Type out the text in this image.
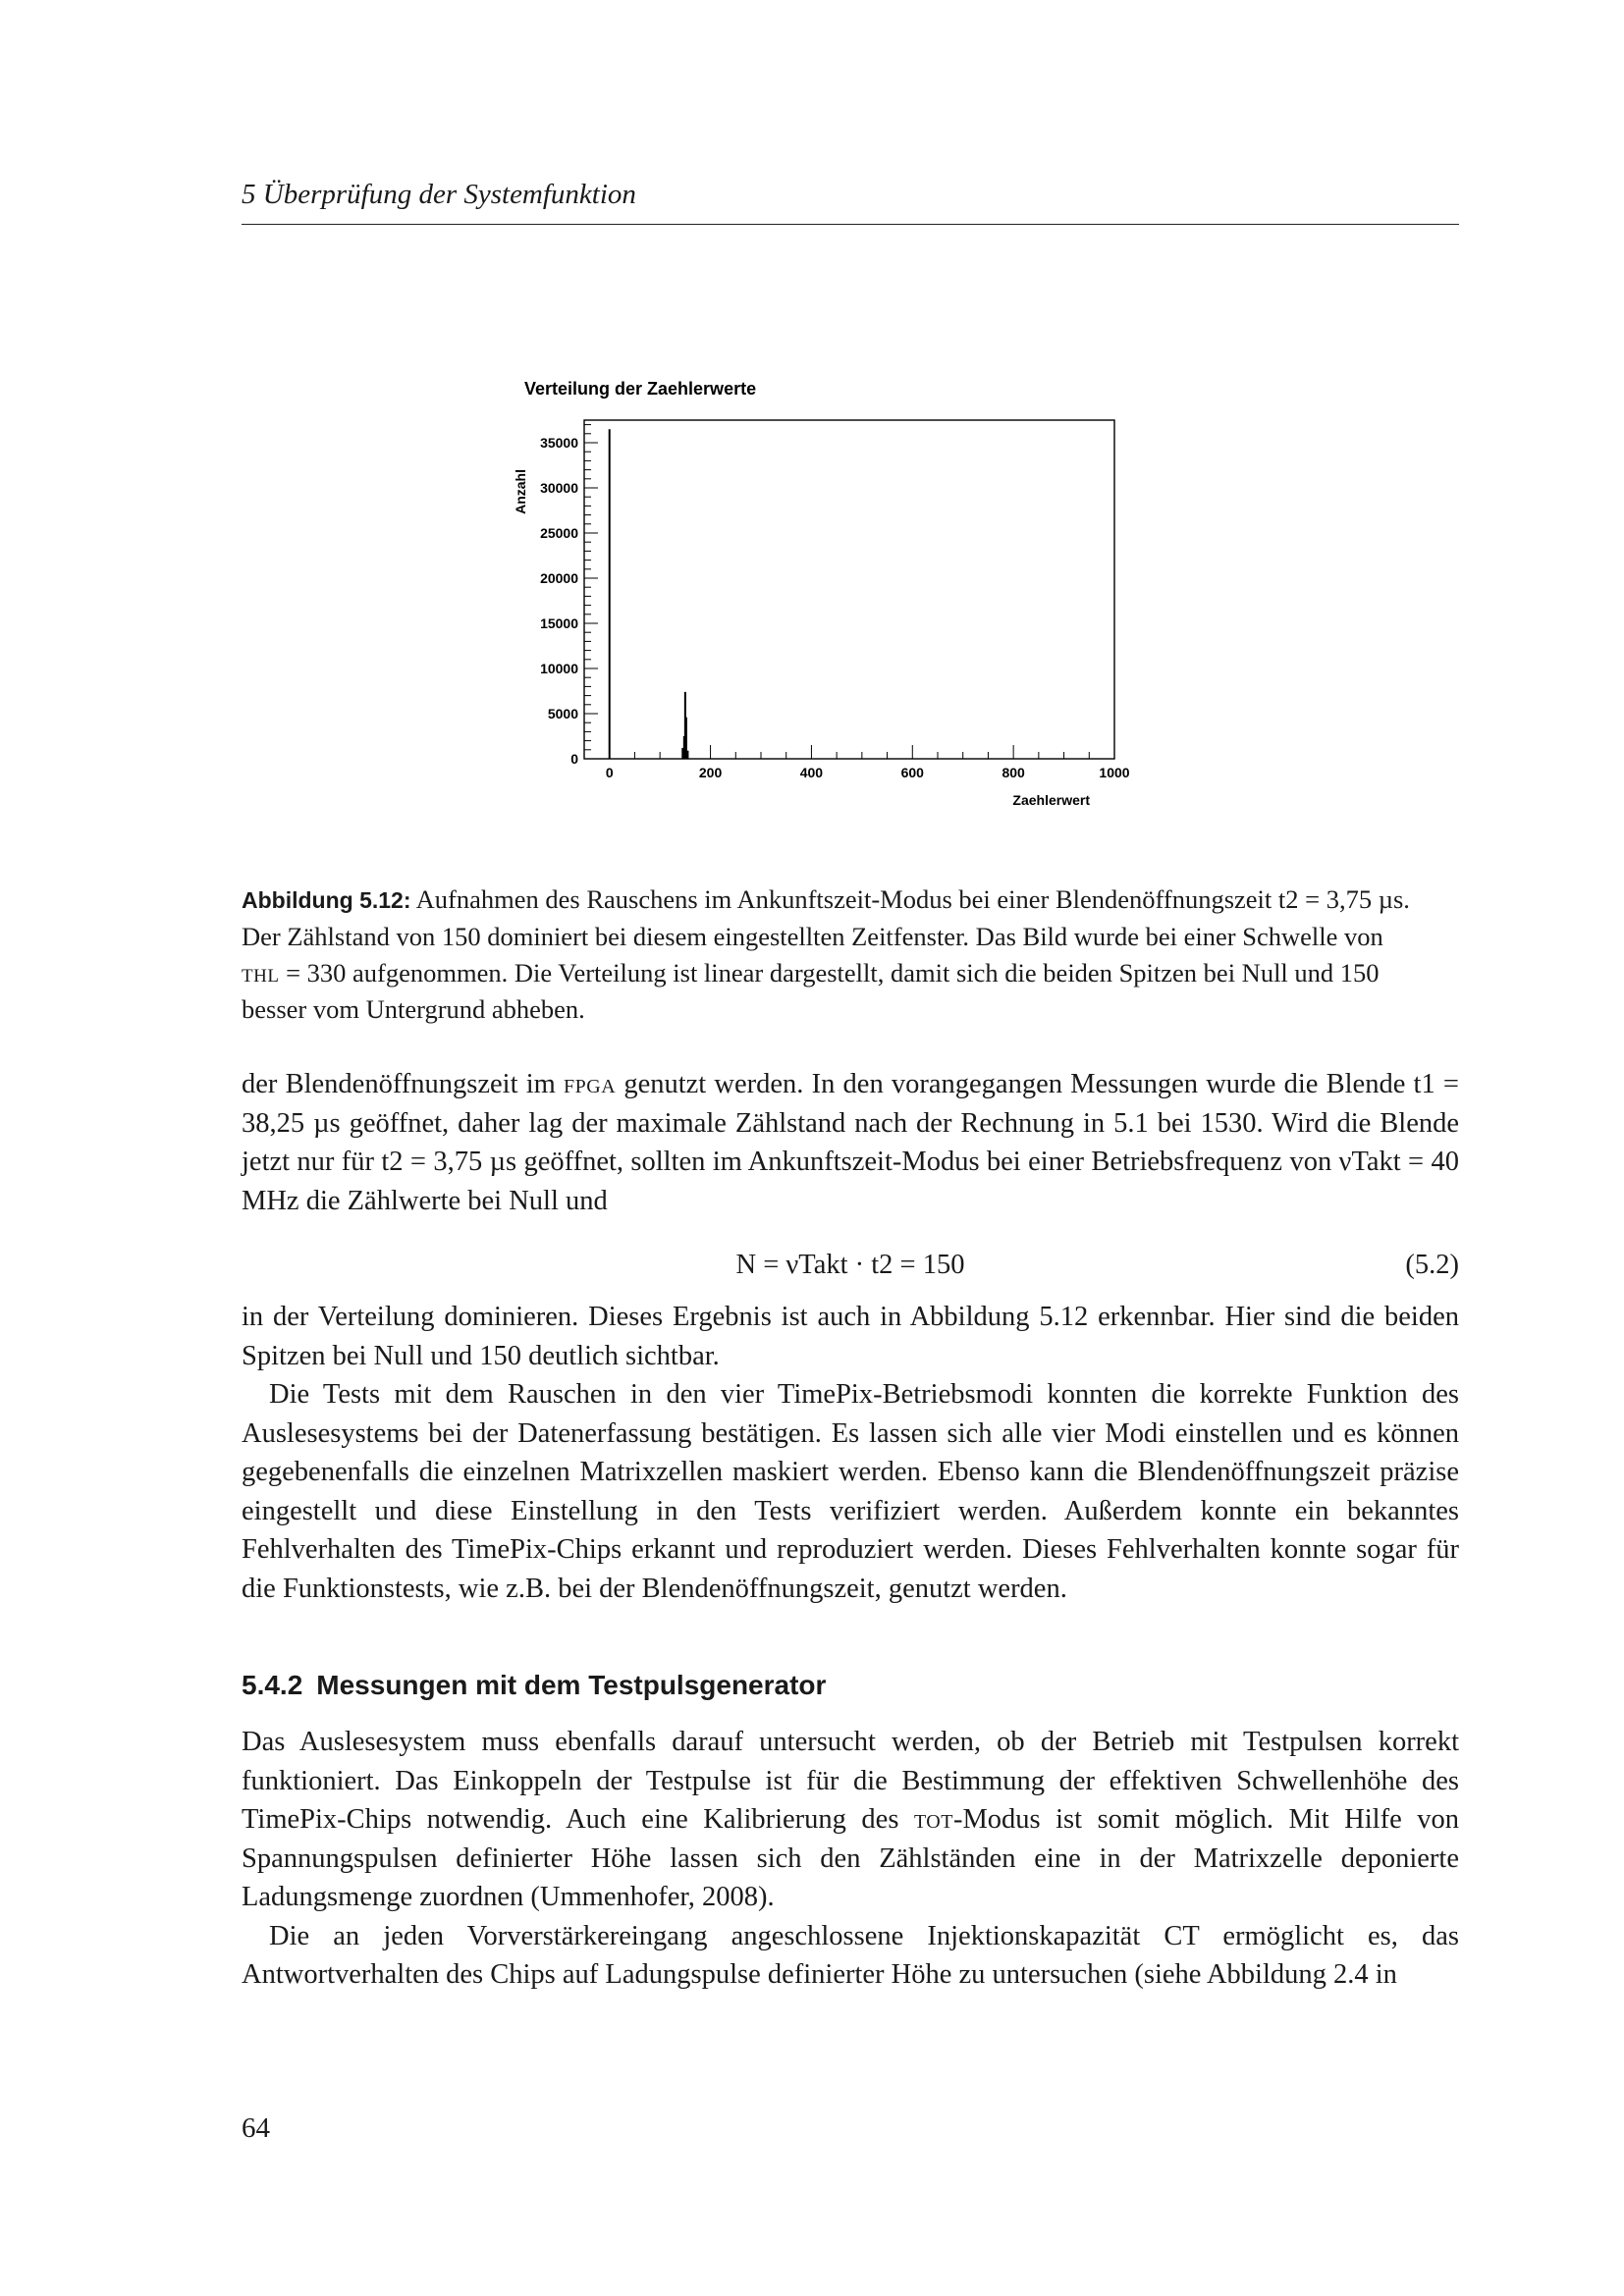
5 Überprüfung der Systemfunktion
Verteilung der Zaehlerwerte
Anzahl
Zaehlerwert
0
5000
10000
15000
20000
25000
30000
35000
0	200	400	600	800	1000
Abbildung 5.12: Aufnahmen des Rauschens im Ankunftszeit-Modus bei einer Blendenöffnungszeit t2 = 3,75 µs.
Der Zählstand von 150 dominiert bei diesem eingestellten Zeitfenster. Das Bild wurde bei einer Schwelle von
thl = 330 aufgenommen. Die Verteilung ist linear dargestellt, damit sich die beiden Spitzen bei Null und 150
besser vom Untergrund abheben.

der Blendenöffnungszeit im fpga genutzt werden. In den vorangegangen Messungen wurde die Blende t1 = 38,25 µs geöffnet, daher lag der maximale Zählstand nach der Rechnung in 5.1 bei 1530. Wird die Blende jetzt nur für t2 = 3,75 µs geöffnet, sollten im Ankunftszeit-Modus bei einer Betriebsfrequenz von νTakt = 40 MHz die Zählwerte bei Null und

N = νTakt · t2 = 150	(5.2)

in der Verteilung dominieren. Dieses Ergebnis ist auch in Abbildung 5.12 erkennbar. Hier sind die beiden Spitzen bei Null und 150 deutlich sichtbar.

Die Tests mit dem Rauschen in den vier TimePix-Betriebsmodi konnten die korrekte Funktion des Auslesesystems bei der Datenerfassung bestätigen. Es lassen sich alle vier Modi einstellen und es können gegebenenfalls die einzelnen Matrixzellen maskiert werden. Ebenso kann die Blendenöffnungszeit präzise eingestellt und diese Einstellung in den Tests verifiziert werden. Außerdem konnte ein bekanntes Fehlverhalten des TimePix-Chips erkannt und reproduziert werden. Dieses Fehlverhalten konnte sogar für die Funktionstests, wie z.B. bei der Blendenöffnungszeit, genutzt werden.

5.4.2 Messungen mit dem Testpulsgenerator

Das Auslesesystem muss ebenfalls darauf untersucht werden, ob der Betrieb mit Testpulsen korrekt funktioniert. Das Einkoppeln der Testpulse ist für die Bestimmung der effektiven Schwellenhöhe des TimePix-Chips notwendig. Auch eine Kalibrierung des tot-Modus ist somit möglich. Mit Hilfe von Spannungspulsen definierter Höhe lassen sich den Zählständen eine in der Matrixzelle deponierte Ladungsmenge zuordnen (Ummenhofer, 2008).

Die an jeden Vorverstärkereingang angeschlossene Injektionskapazität CT ermöglicht es, das Antwortverhalten des Chips auf Ladungspulse definierter Höhe zu untersuchen (siehe Abbildung 2.4 in

64
